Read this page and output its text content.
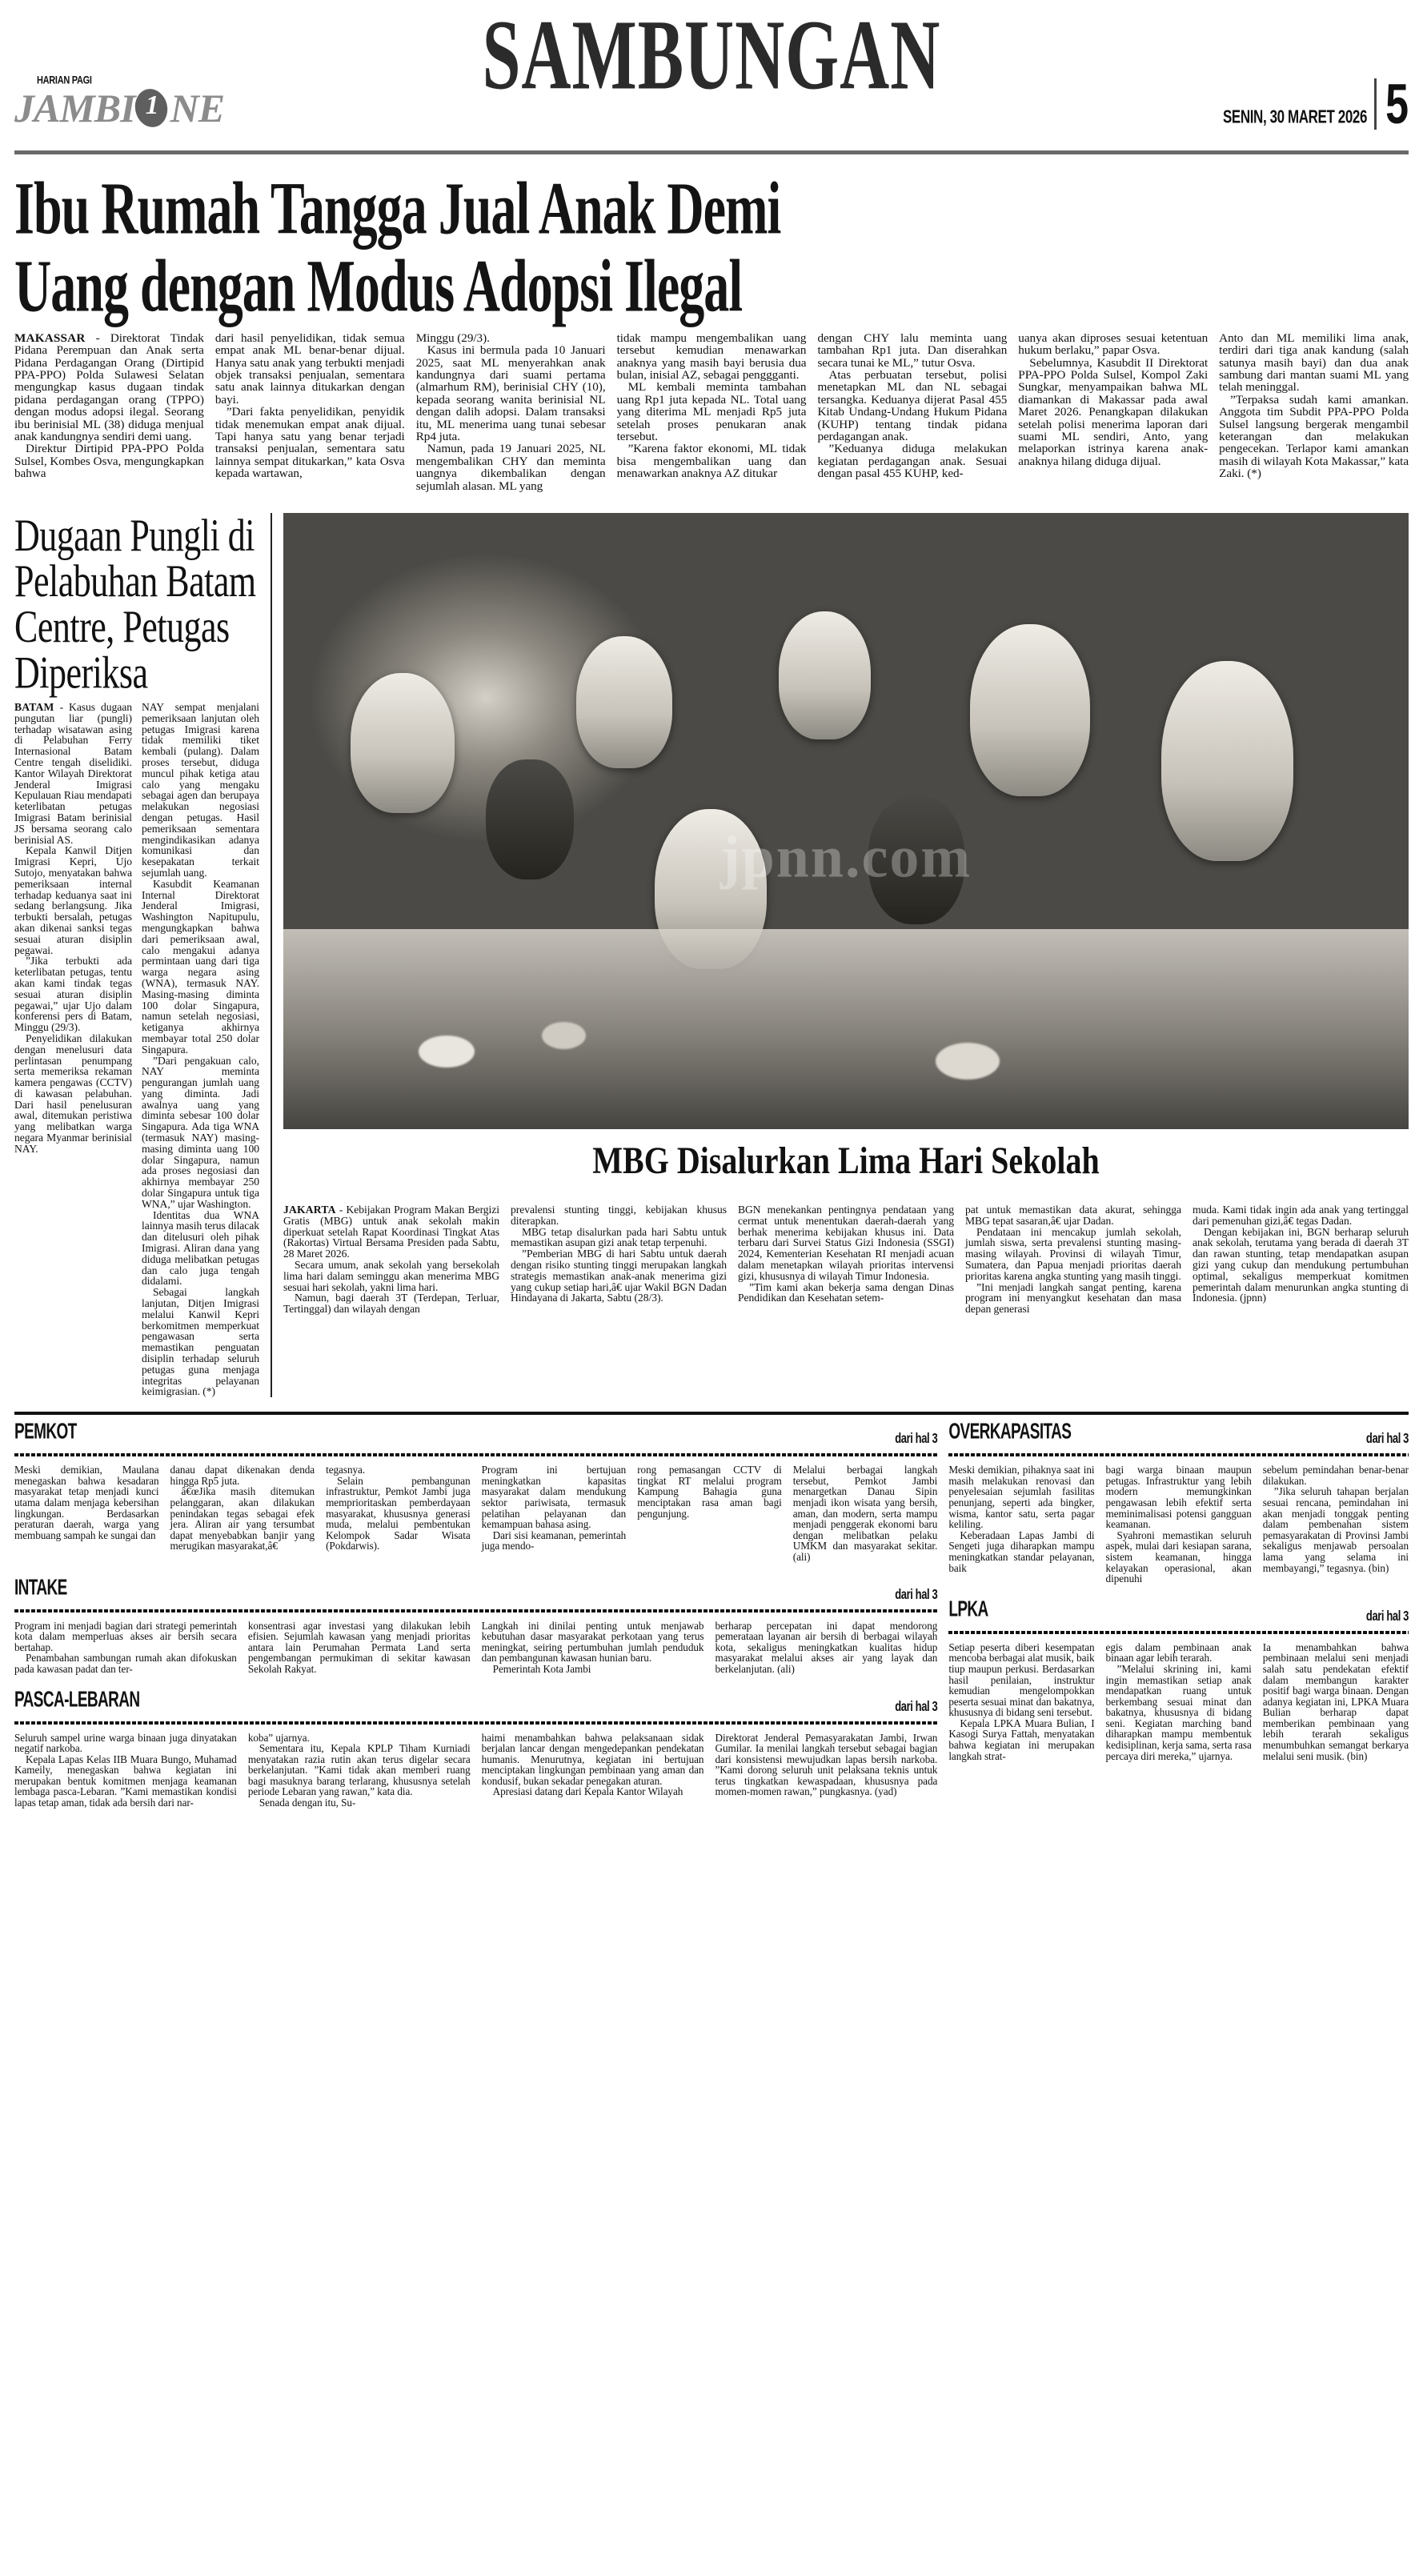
SAMBUNGAN
HARIAN PAGI
JAMBI 1 NE	SENIN, 30 MARET 2026 5
Ibu Rumah Tangga Jual Anak Demi
Uang dengan Modus Adopsi Ilegal

MAKASSAR - Direktorat Tindak Pidana Perempuan dan Anak serta Pidana Perdagangan Orang (Dirtipid PPA-PPO) Polda Sulawesi Selatan mengungkap kasus dugaan tindak pidana perdagangan orang (TPPO) dengan modus adopsi ilegal. Seorang ibu berinisial ML (38) diduga menjual anak kandungnya sendiri demi uang.

Direktur Dirtipid PPA-PPO Polda Sulsel, Kombes Osva, mengungkapkan bahwa

dari hasil penyelidikan, tidak semua empat anak ML benar-benar dijual. Hanya satu anak yang terbukti menjadi objek transaksi penjualan, sementara satu anak lainnya ditukarkan dengan bayi.

”Dari fakta penyelidikan, penyidik tidak menemukan empat anak dijual. Tapi hanya satu yang benar terjadi transaksi penjualan, sementara satu lainnya sempat ditukarkan,” kata Osva kepada wartawan,

Minggu (29/3).

Kasus ini bermula pada 10 Januari 2025, saat ML menyerahkan anak kandungnya dari suami pertama (almarhum RM), berinisial CHY (10), kepada seorang wanita berinisial NL dengan dalih adopsi. Dalam transaksi itu, ML menerima uang tunai sebesar Rp4 juta.

Namun, pada 19 Januari 2025, NL mengembalikan CHY dan meminta uangnya dikembalikan dengan sejumlah alasan. ML yang

tidak mampu mengembalikan uang tersebut kemudian menawarkan anaknya yang masih bayi berusia dua bulan, inisial AZ, sebagai penggganti.

ML kembali meminta tambahan uang Rp1 juta kepada NL. Total uang yang diterima ML menjadi Rp5 juta setelah proses penukaran anak tersebut.

”Karena faktor ekonomi, ML tidak bisa mengembalikan uang dan menawarkan anaknya AZ ditukar

dengan CHY lalu meminta uang tambahan Rp1 juta. Dan diserahkan secara tunai ke ML,” tutur Osva.

Atas perbuatan tersebut, polisi menetapkan ML dan NL sebagai tersangka. Keduanya dijerat Pasal 455 Kitab Undang-Undang Hukum Pidana (KUHP) tentang tindak pidana perdagangan anak.

”Keduanya diduga melakukan kegiatan perdagangan anak. Sesuai dengan pasal 455 KUHP, ked-

uanya akan diproses sesuai ketentuan hukum berlaku,” papar Osva.

Sebelumnya, Kasubdit II Direktorat PPA-PPO Polda Sulsel, Kompol Zaki Sungkar, menyampaikan bahwa ML diamankan di Makassar pada awal Maret 2026. Penangkapan dilakukan setelah polisi menerima laporan dari suami ML sendiri, Anto, yang melaporkan istrinya karena anak-anaknya hilang diduga dijual.

Anto dan ML memiliki lima anak, terdiri dari tiga anak kandung (salah satunya masih bayi) dan dua anak sambung dari mantan suami ML yang telah meninggal.

”Terpaksa sudah kami amankan. Anggota tim Subdit PPA-PPO Polda Sulsel langsung bergerak mengambil keterangan dan melakukan pengecekan. Terlapor kami amankan masih di wilayah Kota Makassar,” kata Zaki. (*)

Dugaan Pungli di Pelabuhan Batam Centre, Petugas Diperiksa

BATAM - Kasus dugaan pungutan liar (pungli) terhadap wisatawan asing di Pelabuhan Ferry Internasional Batam Centre tengah diselidiki. Kantor Wilayah Direktorat Jenderal Imigrasi Kepulauan Riau mendapati keterlibatan petugas Imigrasi Batam berinisial JS bersama seorang calo berinisial AS.

Kepala Kanwil Ditjen Imigrasi Kepri, Ujo Sutojo, menyatakan bahwa pemeriksaan internal terhadap keduanya saat ini sedang berlangsung. Jika terbukti bersalah, petugas akan dikenai sanksi tegas sesuai aturan disiplin pegawai.

”Jika terbukti ada keterlibatan petugas, tentu akan kami tindak tegas sesuai aturan disiplin pegawai,” ujar Ujo dalam konferensi pers di Batam, Minggu (29/3).

Penyelidikan dilakukan dengan menelusuri data perlintasan penumpang serta memeriksa rekaman kamera pengawas (CCTV) di kawasan pelabuhan. Dari hasil penelusuran awal, ditemukan peristiwa yang melibatkan warga negara Myanmar berinisial NAY.

NAY sempat menjalani pemeriksaan lanjutan oleh petugas Imigrasi karena tidak memiliki tiket kembali (pulang). Dalam proses tersebut, diduga muncul pihak ketiga atau calo yang mengaku sebagai agen dan berupaya melakukan negosiasi dengan petugas. Hasil pemeriksaan sementara mengindikasikan adanya komunikasi dan kesepakatan terkait sejumlah uang.

Kasubdit Keamanan Internal Direktorat Jenderal Imigrasi, Washington Napitupulu, mengungkapkan bahwa dari pemeriksaan awal, calo mengakui adanya permintaan uang dari tiga warga negara asing (WNA), termasuk NAY. Masing-masing diminta 100 dolar Singapura, namun setelah negosiasi, ketiganya akhirnya membayar total 250 dolar Singapura.

”Dari pengakuan calo, NAY meminta pengurangan jumlah uang yang diminta. Jadi awalnya uang yang diminta sebesar 100 dolar Singapura. Ada tiga WNA (termasuk NAY) masing-masing diminta uang 100 dolar Singapura, namun ada proses negosiasi dan akhirnya membayar 250 dolar Singapura untuk tiga WNA,” ujar Washington.

Identitas dua WNA lainnya masih terus dilacak dan ditelusuri oleh pihak Imigrasi. Aliran dana yang diduga melibatkan petugas dan calo juga tengah didalami.

Sebagai langkah lanjutan, Ditjen Imigrasi melalui Kanwil Kepri berkomitmen memperkuat pengawasan serta memastikan penguatan disiplin terhadap seluruh petugas guna menjaga integritas pelayanan keimigrasian. (*)

jpnn.com
MBG Disalurkan Lima Hari Sekolah

JAKARTA - Kebijakan Program Makan Bergizi Gratis (MBG) untuk anak sekolah makin diperkuat setelah Rapat Koordinasi Tingkat Atas (Rakortas) Virtual Bersama Presiden pada Sabtu, 28 Maret 2026.

Secara umum, anak sekolah yang bersekolah lima hari dalam seminggu akan menerima MBG sesuai hari sekolah, yakni lima hari.

Namun, bagi daerah 3T (Terdepan, Terluar, Tertinggal) dan wilayah dengan

prevalensi stunting tinggi, kebijakan khusus diterapkan.

MBG tetap disalurkan pada hari Sabtu untuk memastikan asupan gizi anak tetap terpenuhi.

”Pemberian MBG di hari Sabtu untuk daerah dengan risiko stunting tinggi merupakan langkah strategis memastikan anak-anak menerima gizi yang cukup setiap hari,â€ ujar Wakil BGN Dadan Hindayana di Jakarta, Sabtu (28/3).

BGN menekankan pentingnya pendataan yang cermat untuk menentukan daerah-daerah yang berhak menerima kebijakan khusus ini. Data terbaru dari Survei Status Gizi Indonesia (SSGI) 2024, Kementerian Kesehatan RI menjadi acuan dalam menetapkan wilayah prioritas intervensi gizi, khususnya di wilayah Timur Indonesia.

”Tim kami akan bekerja sama dengan Dinas Pendidikan dan Kesehatan setem-

pat untuk memastikan data akurat, sehingga MBG tepat sasaran,â€ ujar Dadan.

Pendataan ini mencakup jumlah sekolah, jumlah siswa, serta prevalensi stunting masing-masing wilayah. Provinsi di wilayah Timur, Sumatera, dan Papua menjadi prioritas daerah prioritas karena angka stunting yang masih tinggi.

”Ini menjadi langkah sangat penting, karena program ini menyangkut kesehatan dan masa depan generasi

muda. Kami tidak ingin ada anak yang tertinggal dari pemenuhan gizi,â€ tegas Dadan.

Dengan kebijakan ini, BGN berharap seluruh anak sekolah, terutama yang berada di daerah 3T dan rawan stunting, tetap mendapatkan asupan gizi yang cukup dan mendukung pertumbuhan optimal, sekaligus memperkuat komitmen pemerintah dalam menurunkan angka stunting di Indonesia. (jpnn)

PEMKOT	dari hal 3

Meski demikian, Maulana menegaskan bahwa kesadaran masyarakat tetap menjadi kunci utama dalam menjaga kebersihan lingkungan. Berdasarkan peraturan daerah, warga yang membuang sampah ke sungai dan

danau dapat dikenakan denda hingga Rp5 juta.

â€œJika masih ditemukan pelanggaran, akan dilakukan penindakan tegas sebagai efek jera. Aliran air yang tersumbat dapat menyebabkan banjir yang merugikan masyarakat,â€

tegasnya.

Selain pembangunan infrastruktur, Pemkot Jambi juga memprioritaskan pemberdayaan masyarakat, khususnya generasi muda, melalui pembentukan Kelompok Sadar Wisata (Pokdarwis).

Program ini bertujuan meningkatkan kapasitas masyarakat dalam mendukung sektor pariwisata, termasuk pelatihan pelayanan dan kemampuan bahasa asing.

Dari sisi keamanan, pemerintah juga mendo-

rong pemasangan CCTV di tingkat RT melalui program Kampung Bahagia guna menciptakan rasa aman bagi pengunjung.

Melalui berbagai langkah tersebut, Pemkot Jambi menargetkan Danau Sipin menjadi ikon wisata yang bersih, aman, dan modern, serta mampu menjadi penggerak ekonomi baru dengan melibatkan pelaku UMKM dan masyarakat sekitar. (ali)

INTAKE	dari hal 3

Program ini menjadi bagian dari strategi pemerintah kota dalam memperluas akses air bersih secara bertahap.

Penambahan sambungan rumah akan difokuskan pada kawasan padat dan ter-

konsentrasi agar investasi yang dilakukan lebih efisien. Sejumlah kawasan yang menjadi prioritas antara lain Perumahan Permata Land serta pengembangan permukiman di sekitar kawasan Sekolah Rakyat.

Langkah ini dinilai penting untuk menjawab kebutuhan dasar masyarakat perkotaan yang terus meningkat, seiring pertumbuhan jumlah penduduk dan pembangunan kawasan hunian baru.

Pemerintah Kota Jambi

berharap percepatan ini dapat mendorong pemerataan layanan air bersih di berbagai wilayah kota, sekaligus meningkatkan kualitas hidup masyarakat melalui akses air yang layak dan berkelanjutan. (ali)

PASCA-LEBARAN	dari hal 3

Seluruh sampel urine warga binaan juga dinyatakan negatif narkoba.

Kepala Lapas Kelas IIB Muara Bungo, Muhamad Kameily, menegaskan bahwa kegiatan ini merupakan bentuk komitmen menjaga keamanan lembaga pasca-Lebaran. ”Kami memastikan kondisi lapas tetap aman, tidak ada bersih dari nar-

koba” ujarnya.

Sementara itu, Kepala KPLP Tiham Kurniadi menyatakan razia rutin akan terus digelar secara berkelanjutan. ”Kami tidak akan memberi ruang bagi masuknya barang terlarang, khususnya setelah periode Lebaran yang rawan,” kata dia.

Senada dengan itu, Su-

haimi menambahkan bahwa pelaksanaan sidak berjalan lancar dengan mengedepankan pendekatan humanis. Menurutnya, kegiatan ini bertujuan menciptakan lingkungan pembinaan yang aman dan kondusif, bukan sekadar penegakan aturan.

Apresiasi datang dari Kepala Kantor Wilayah

Direktorat Jenderal Pemasyarakatan Jambi, Irwan Gumilar. Ia menilai langkah tersebut sebagai bagian dari konsistensi mewujudkan lapas bersih narkoba. ”Kami dorong seluruh unit pelaksana teknis untuk terus tingkatkan kewaspadaan, khususnya pada momen-momen rawan,” pungkasnya. (yad)

OVERKAPASITAS	dari hal 3

Meski demikian, pihaknya saat ini masih melakukan renovasi dan penyelesaian sejumlah fasilitas penunjang, seperti ada bingker, wisma, kantor satu, serta pagar keliling.

Keberadaan Lapas Jambi di Sengeti juga diharapkan mampu meningkatkan standar pelayanan, baik

bagi warga binaan maupun petugas. Infrastruktur yang lebih modern memungkinkan pengawasan lebih efektif serta meminimalisasi potensi gangguan keamanan.

Syahroni memastikan seluruh aspek, mulai dari kesiapan sarana, sistem keamanan, hingga kelayakan operasional, akan dipenuhi

sebelum pemindahan benar-benar dilakukan.

”Jika seluruh tahapan berjalan sesuai rencana, pemindahan ini akan menjadi tonggak penting dalam pembenahan sistem pemasyarakatan di Provinsi Jambi sekaligus menjawab persoalan lama yang selama ini membayangi,” tegasnya. (bin)

LPKA	dari hal 3

Setiap peserta diberi kesempatan mencoba berbagai alat musik, baik tiup maupun perkusi. Berdasarkan hasil penilaian, instruktur kemudian mengelompokkan peserta sesuai minat dan bakatnya, khususnya di bidang seni tersebut.

Kepala LPKA Muara Bulian, I Kasogi Surya Fattah, menyatakan bahwa kegiatan ini merupakan langkah strat-

egis dalam pembinaan anak binaan agar lebih terarah.

”Melalui skrining ini, kami ingin memastikan setiap anak mendapatkan ruang untuk berkembang sesuai minat dan bakatnya, khususnya di bidang seni. Kegiatan marching band diharapkan mampu membentuk kedisiplinan, kerja sama, serta rasa percaya diri mereka,” ujarnya.

Ia menambahkan bahwa pembinaan melalui seni menjadi salah satu pendekatan efektif dalam membangun karakter positif bagi warga binaan. Dengan adanya kegiatan ini, LPKA Muara Bulian berharap dapat memberikan pembinaan yang lebih terarah sekaligus menumbuhkan semangat berkarya melalui seni musik. (bin)
